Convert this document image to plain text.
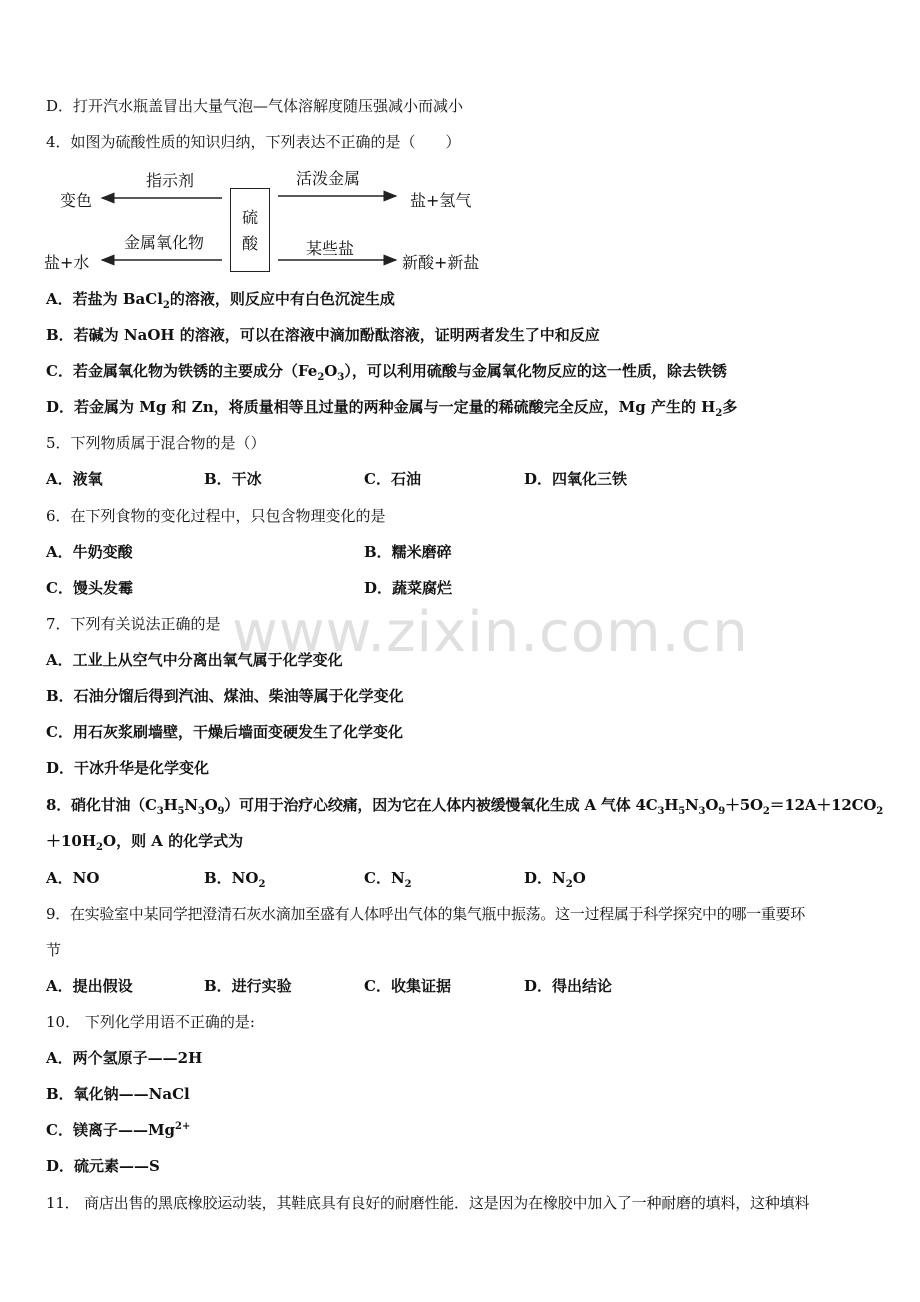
www.zixin.com.cn
D．打开汽水瓶盖冒出大量气泡—气体溶解度随压强减小而减小
4．如图为硫酸性质的知识归纳，下列表达不正确的是（　　）
硫
酸
指示剂
变色
活泼金属
盐+氢气
金属氧化物
盐+水
某些盐
新酸+新盐
A．若盐为 BaCl$_2$的溶液，则反应中有白色沉淀生成
B．若碱为 NaOH 的溶液，可以在溶液中滴加酚酞溶液，证明两者发生了中和反应
C．若金属氧化物为铁锈的主要成分$(Fe_2O_3)$，可以利用硫酸与金属氧化物反应的这一性质，除去铁锈
D．若金属为 Mg 和 Zn，将质量相等且过量的两种金属与一定量的稀硫酸完全反应，Mg 产生的 $H_2$多
5．下列物质属于混合物的是（）
A．液氧	B．干冰	C．石油	D．四氧化三铁
6．在下列食物的变化过程中，只包含物理变化的是
A．牛奶变酸	B．糯米磨碎
C．馒头发霉	D．蔬菜腐烂
7．下列有关说法正确的是
A．工业上从空气中分离出氧气属于化学变化
B．石油分馏后得到汽油、煤油、柴油等属于化学变化
C．用石灰浆刷墙壁，干燥后墙面变硬发生了化学变化
D．干冰升华是化学变化
8．硝化甘油$(C_3H_5N_3O_9)$可用于治疗心绞痛，因为它在人体内被缓慢氧化生成 A 气体 $4C_3H_5N_3O_9+5O_2=12A+12CO_2$
$+10H_2O$，则 A 的化学式为
A．NO	B．$NO_2$	C．$N_2$	D．$N_2O$
9．在实验室中某同学把澄清石灰水滴加至盛有人体呼出气体的集气瓶中振荡。这一过程属于科学探究中的哪一重要环
节
A．提出假设	B．进行实验	C．收集证据	D．得出结论
10． 下列化学用语不正确的是:
A．两个氢原子——2H
B．氧化钠——NaCl
C．镁离子$——Mg^{2+}$
D．硫元素——S
11． 商店出售的黑底橡胶运动装，其鞋底具有良好的耐磨性能．这是因为在橡胶中加入了一种耐磨的填料，这种填料
